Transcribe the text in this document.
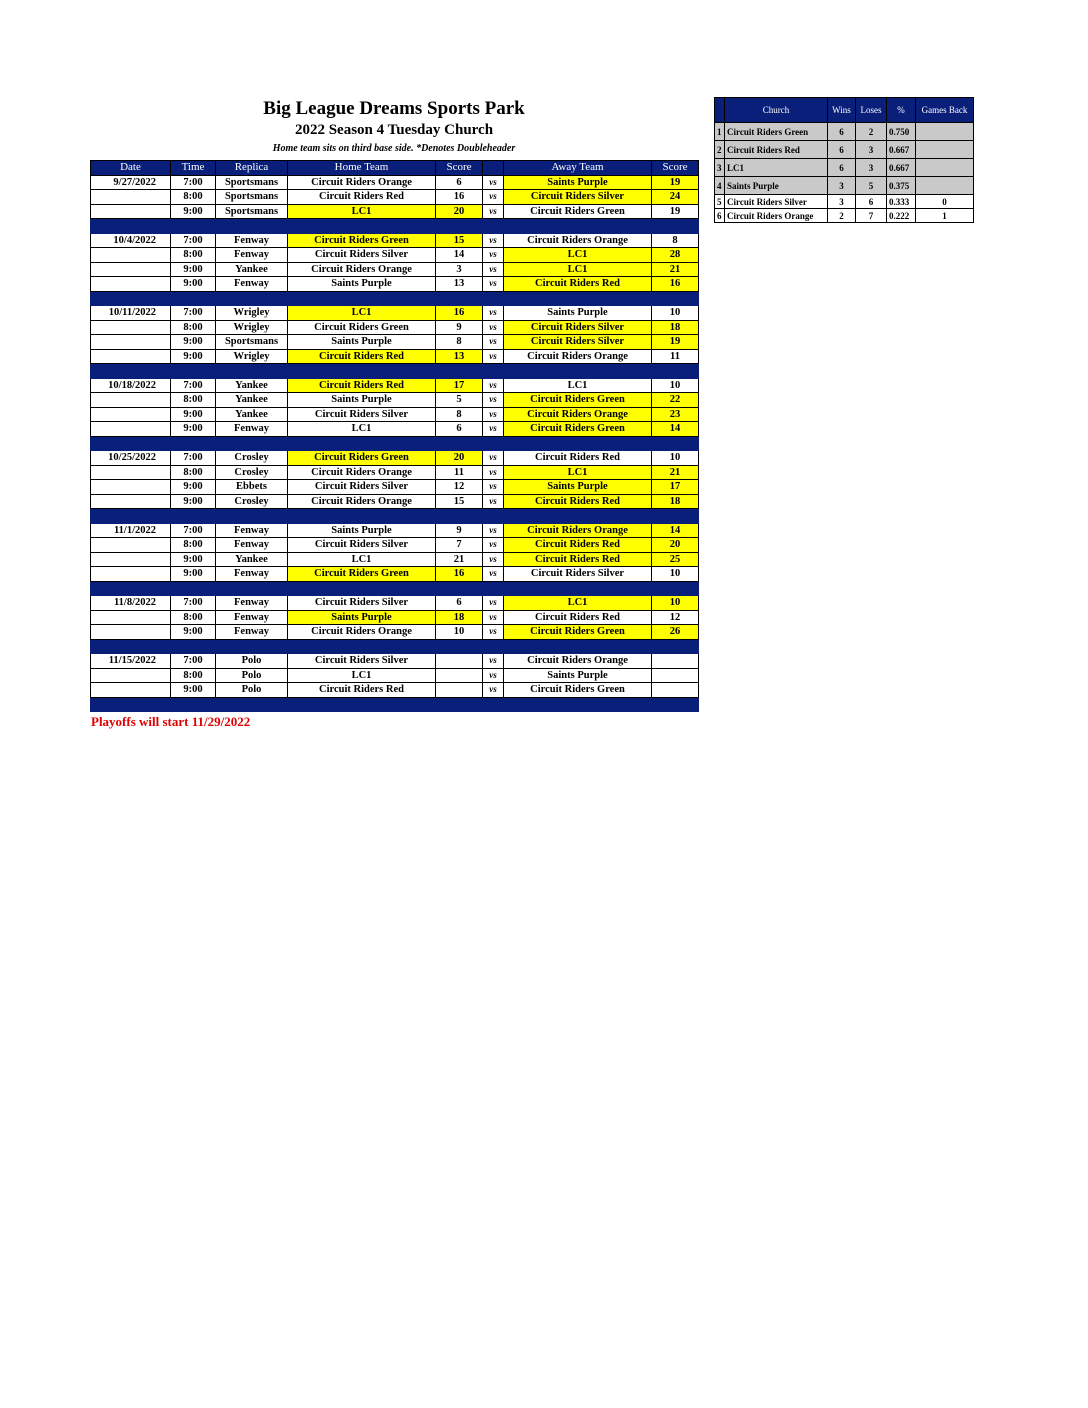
Big League Dreams Sports Park
2022 Season 4 Tuesday Church
Home team sits on third base side. *Denotes Doubleheader
Date	Time	Replica	Home Team	Score		Away Team	Score
9/27/2022	7:00	Sportsmans	Circuit Riders Orange	6	vs	Saints Purple	19
	8:00	Sportsmans	Circuit Riders Red	16	vs	Circuit Riders Silver	24
	9:00	Sportsmans	LC1	20	vs	Circuit Riders Green	19

10/4/2022	7:00	Fenway	Circuit Riders Green	15	vs	Circuit Riders Orange	8
	8:00	Fenway	Circuit Riders Silver	14	vs	LC1	28
	9:00	Yankee	Circuit Riders Orange	3	vs	LC1	21
	9:00	Fenway	Saints Purple	13	vs	Circuit Riders Red	16

10/11/2022	7:00	Wrigley	LC1	16	vs	Saints Purple	10
	8:00	Wrigley	Circuit Riders Green	9	vs	Circuit Riders Silver	18
	9:00	Sportsmans	Saints Purple	8	vs	Circuit Riders Silver	19
	9:00	Wrigley	Circuit Riders Red	13	vs	Circuit Riders Orange	11

10/18/2022	7:00	Yankee	Circuit Riders Red	17	vs	LC1	10
	8:00	Yankee	Saints Purple	5	vs	Circuit Riders Green	22
	9:00	Yankee	Circuit Riders Silver	8	vs	Circuit Riders Orange	23
	9:00	Fenway	LC1	6	vs	Circuit Riders Green	14

10/25/2022	7:00	Crosley	Circuit Riders Green	20	vs	Circuit Riders Red	10
	8:00	Crosley	Circuit Riders Orange	11	vs	LC1	21
	9:00	Ebbets	Circuit Riders Silver	12	vs	Saints Purple	17
	9:00	Crosley	Circuit Riders Orange	15	vs	Circuit Riders Red	18

11/1/2022	7:00	Fenway	Saints Purple	9	vs	Circuit Riders Orange	14
	8:00	Fenway	Circuit Riders Silver	7	vs	Circuit Riders Red	20
	9:00	Yankee	LC1	21	vs	Circuit Riders Red	25
	9:00	Fenway	Circuit Riders Green	16	vs	Circuit Riders Silver	10

11/8/2022	7:00	Fenway	Circuit Riders Silver	6	vs	LC1	10
	8:00	Fenway	Saints Purple	18	vs	Circuit Riders Red	12
	9:00	Fenway	Circuit Riders Orange	10	vs	Circuit Riders Green	26

11/15/2022	7:00	Polo	Circuit Riders Silver		vs	Circuit Riders Orange	
	8:00	Polo	LC1		vs	Saints Purple	
	9:00	Polo	Circuit Riders Red		vs	Circuit Riders Green	

Playoffs will start 11/29/2022
	Church	Wins	Loses	%	Games Back
1	Circuit Riders Green	6	2	0.750	
2	Circuit Riders Red	6	3	0.667	
3	LC1	6	3	0.667	
4	Saints Purple	3	5	0.375	
5	Circuit Riders Silver	3	6	0.333	0
6	Circuit Riders Orange	2	7	0.222	1
